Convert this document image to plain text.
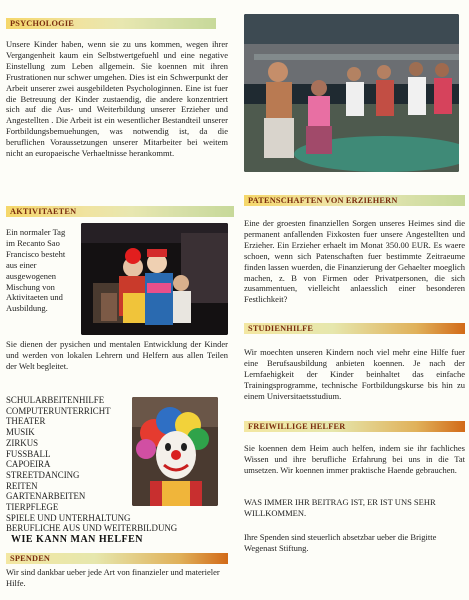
PSYCHOLOGIE

Unsere Kinder haben, wenn sie zu uns kommen, wegen ihrer Vergangenheit kaum ein Selbstwertgefuehl und eine negative Einstellung zum Leben allgemein. Sie koennen mit ihren Frustrationen nur schwer umgehen. Dies ist ein Schwerpunkt der Arbeit unserer zwei ausgebildeten Psychologinnen. Eine ist fuer die Betreuung der Kinder zustaendig, die andere konzentriert sich auf die Aus- und Weiterbildung unserer Erzieher und Angestellten . Die Arbeit ist ein wesentlicher Bestandteil unserer Fortbildungsbemuehungen, was notwendig ist, da die beruflichen Voraussetzungen unserer Mitarbeiter bei weitem nicht an europaeische Verhaeltnisse herankommt.

AKTIVITAETEN

Ein normaler Tag im Recanto Sao Francisco besteht aus einer ausgewogenen Mischung von Aktivitaeten und Ausbildung.

Sie dienen der pysichen und mentalen Entwicklung der Kinder und werden von lokalen Lehrern und Helfern aus allen Teilen der Welt begleitet.

SCHULARBEITENHILFE
COMPUTERUNTERRICHT
THEATER
MUSIK
ZIRKUS
FUSSBALL
CAPOEIRA
STREETDANCING
REITEN
GARTENARBEITEN
TIERPFLEGE
SPIELE UND UNTERHALTUNG
BERUFLICHE AUS UND WEITERBILDUNG
WIE KANN MAN HELFEN
SPENDEN

Wir sind dankbar ueber jede Art von finanzieler und materieler Hilfe.

PATENSCHAFTEN VON ERZIEHERN

Eine der groesten finanziellen Sorgen unseres Heimes sind die permanent anfallenden Fixkosten fuer unsere Angestellten und Erzieher. Ein Erzieher erhaelt im Monat 350.00 EUR. Es waere schoen, wenn sich Patenschaften fuer bestimmte Zeitraeume finden lassen wuerden, die Finanzierung der Gehaelter moeglich machen, z. B von Firmen oder Privatpersonen, die sich zusammentuen, vielleicht anlaesslich einer besonderen Festlichkeit?

STUDIENHILFE

Wir moechten unseren Kindern noch viel mehr eine Hilfe fuer eine Berufsausbildung anbieten koennen. Je nach der Lernfaehigkeit der Kinder beinhaltet das einfache Trainingsprogramme, technische Fortbildungskurse bis hin zu einem Universitaetsstudium.

FREIWILLIGE HELFER

Sie koennen dem Heim auch helfen, indem sie ihr fachliches Wissen und ihre berufliche Erfahrung bei uns in die Tat umsetzen. Wir koennen immer praktische Haende gebrauchen.

WAS IMMER IHR BEITRAG IST, ER IST UNS SEHR WILLKOMMEN.

Ihre Spenden sind steuerlich absetzbar ueber die Brigitte Wegenast Stiftung.
